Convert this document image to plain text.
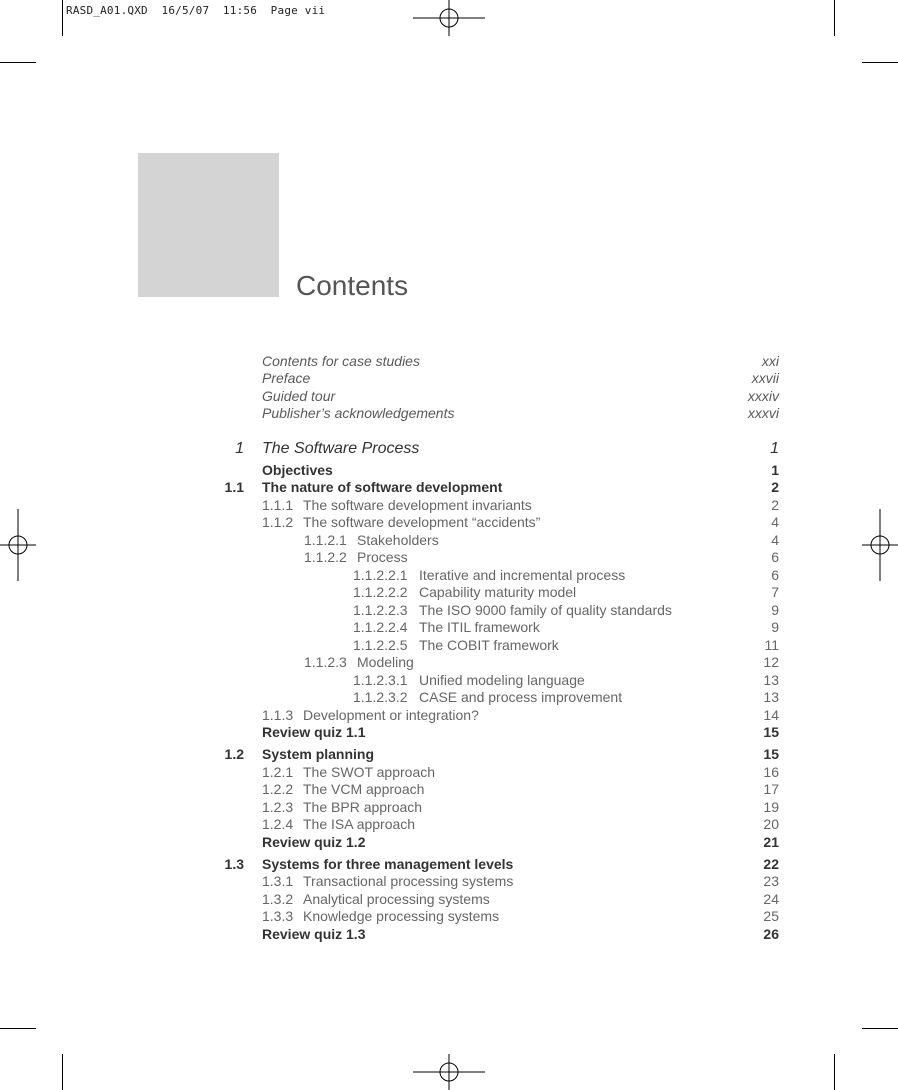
RASD_A01.QXD  16/5/07  11:56  Page vii
Contents
Contents for case studies	xxi
Preface	xxvii
Guided tour	xxxiv
Publisher’s acknowledgements	xxxvi
1 The Software Process	1
Objectives	1
1.1 The nature of software development	2
1.1.1 The software development invariants	2
1.1.2 The software development “accidents”	4
1.1.2.1 Stakeholders	4
1.1.2.2 Process	6
1.1.2.2.1 Iterative and incremental process	6
1.1.2.2.2 Capability maturity model	7
1.1.2.2.3 The ISO 9000 family of quality standards	9
1.1.2.2.4 The ITIL framework	9
1.1.2.2.5 The COBIT framework	11
1.1.2.3 Modeling	12
1.1.2.3.1 Unified modeling language	13
1.1.2.3.2 CASE and process improvement	13
1.1.3 Development or integration?	14
Review quiz 1.1	15
1.2 System planning	15
1.2.1 The SWOT approach	16
1.2.2 The VCM approach	17
1.2.3 The BPR approach	19
1.2.4 The ISA approach	20
Review quiz 1.2	21
1.3 Systems for three management levels	22
1.3.1 Transactional processing systems	23
1.3.2 Analytical processing systems	24
1.3.3 Knowledge processing systems	25
Review quiz 1.3	26
